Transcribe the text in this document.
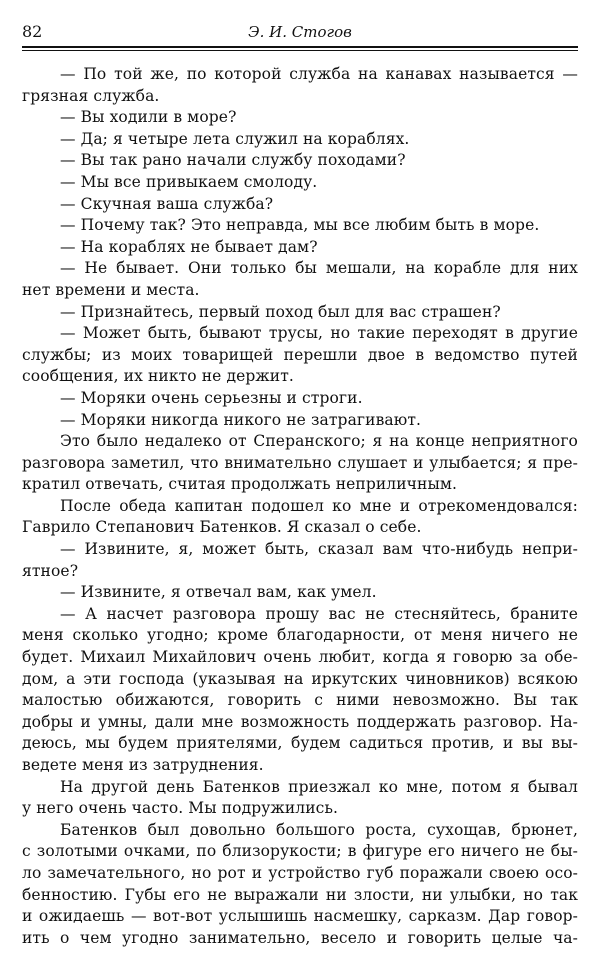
82	Э. И. Стогов
— По той же, по которой служба на канавах называется —
грязная служба.
— Вы ходили в море?
— Да; я четыре лета служил на кораблях.
— Вы так рано начали службу походами?
— Мы все привыкаем смолоду.
— Скучная ваша служба?
— Почему так? Это неправда, мы все любим быть в море.
— На кораблях не бывает дам?
— Не бывает. Они только бы мешали, на корабле для них
нет времени и места.
— Признайтесь, первый поход был для вас страшен?
— Может быть, бывают трусы, но такие переходят в другие
службы; из моих товарищей перешли двое в ведомство путей
сообщения, их никто не держит.
— Моряки очень серьезны и строги.
— Моряки никогда никого не затрагивают.
Это было недалеко от Сперанского; я на конце неприятного
разговора заметил, что внимательно слушает и улыбается; я пре-
кратил отвечать, считая продолжать неприличным.
После обеда капитан подошел ко мне и отрекомендовался:
Гаврило Степанович Батенков. Я сказал о себе.
— Извините, я, может быть, сказал вам что-нибудь непри-
ятное?
— Извините, я отвечал вам, как умел.
— А насчет разговора прошу вас не стесняйтесь, браните
меня сколько угодно; кроме благодарности, от меня ничего не
будет. Михаил Михайлович очень любит, когда я говорю за обе-
дом, а эти господа (указывая на иркутских чиновников) всякою
малостью обижаются, говорить с ними невозможно. Вы так
добры и умны, дали мне возможность поддержать разговор. На-
деюсь, мы будем приятелями, будем садиться против, и вы вы-
ведете меня из затруднения.
На другой день Батенков приезжал ко мне, потом я бывал
у него очень часто. Мы подружились.
Батенков был довольно большого роста, сухощав, брюнет,
с золотыми очками, по близорукости; в фигуре его ничего не бы-
ло замечательного, но рот и устройство губ поражали своею осо-
бенностию. Губы его не выражали ни злости, ни улыбки, но так
и ожидаешь — вот-вот услышишь насмешку, сарказм. Дар говор-
ить о чем угодно занимательно, весело и говорить целые ча-
